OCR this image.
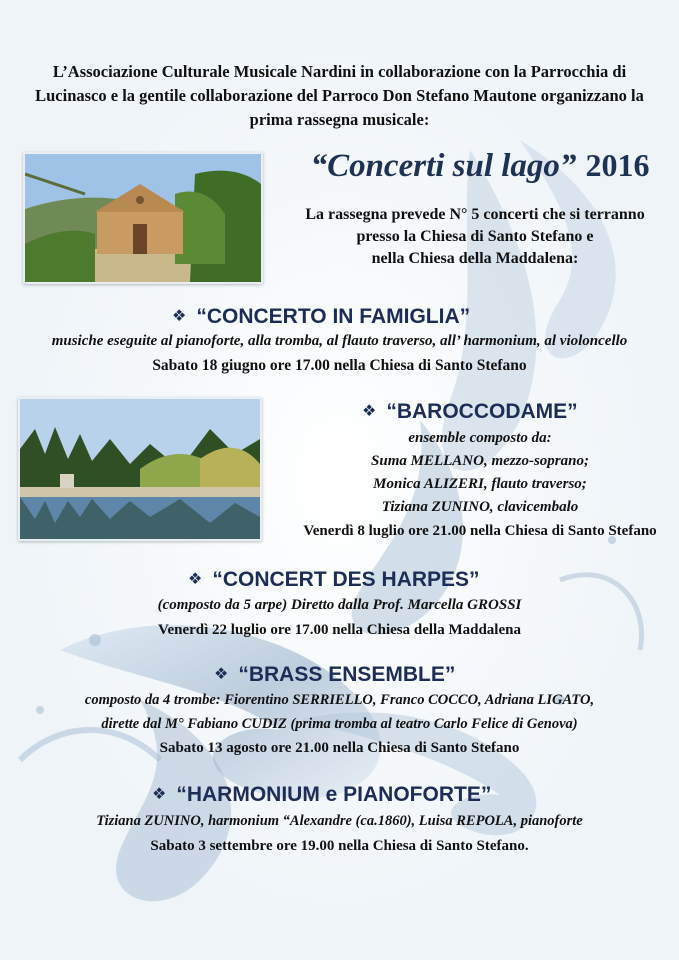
L’Associazione Culturale Musicale Nardini in collaborazione con la Parrocchia di
Lucinasco e la gentile collaborazione del Parroco Don Stefano Mautone organizzano la
prima rassegna musicale:
“Concerti sul lago” 2016
La rassegna prevede N° 5 concerti che si terranno
presso la Chiesa di Santo Stefano e
nella Chiesa della Maddalena:
❖ “CONCERTO IN FAMIGLIA”
musiche eseguite al pianoforte, alla tromba, al flauto traverso, all’ harmonium, al violoncello
Sabato 18 giugno ore 17.00 nella Chiesa di Santo Stefano
❖ “BAROCCODAME”
ensemble composto da:
Suma MELLANO, mezzo-soprano;
Monica ALIZERI, flauto traverso;
Tiziana ZUNINO, clavicembalo
Venerdì 8 luglio ore 21.00 nella Chiesa di Santo Stefano
❖ “CONCERT DES HARPES”
(composto da 5 arpe) Diretto dalla Prof. Marcella GROSSI
Venerdì 22 luglio ore 17.00 nella Chiesa della Maddalena
❖ “BRASS ENSEMBLE”
composto da 4 trombe: Fiorentino SERRIELLO, Franco COCCO, Adriana LIGATO,
dirette dal M° Fabiano CUDIZ (prima tromba al teatro Carlo Felice di Genova)
Sabato 13 agosto ore 21.00 nella Chiesa di Santo Stefano
❖ “HARMONIUM e PIANOFORTE”
Tiziana ZUNINO, harmonium “Alexandre (ca.1860), Luisa REPOLA, pianoforte
Sabato 3 settembre ore 19.00 nella Chiesa di Santo Stefano.
